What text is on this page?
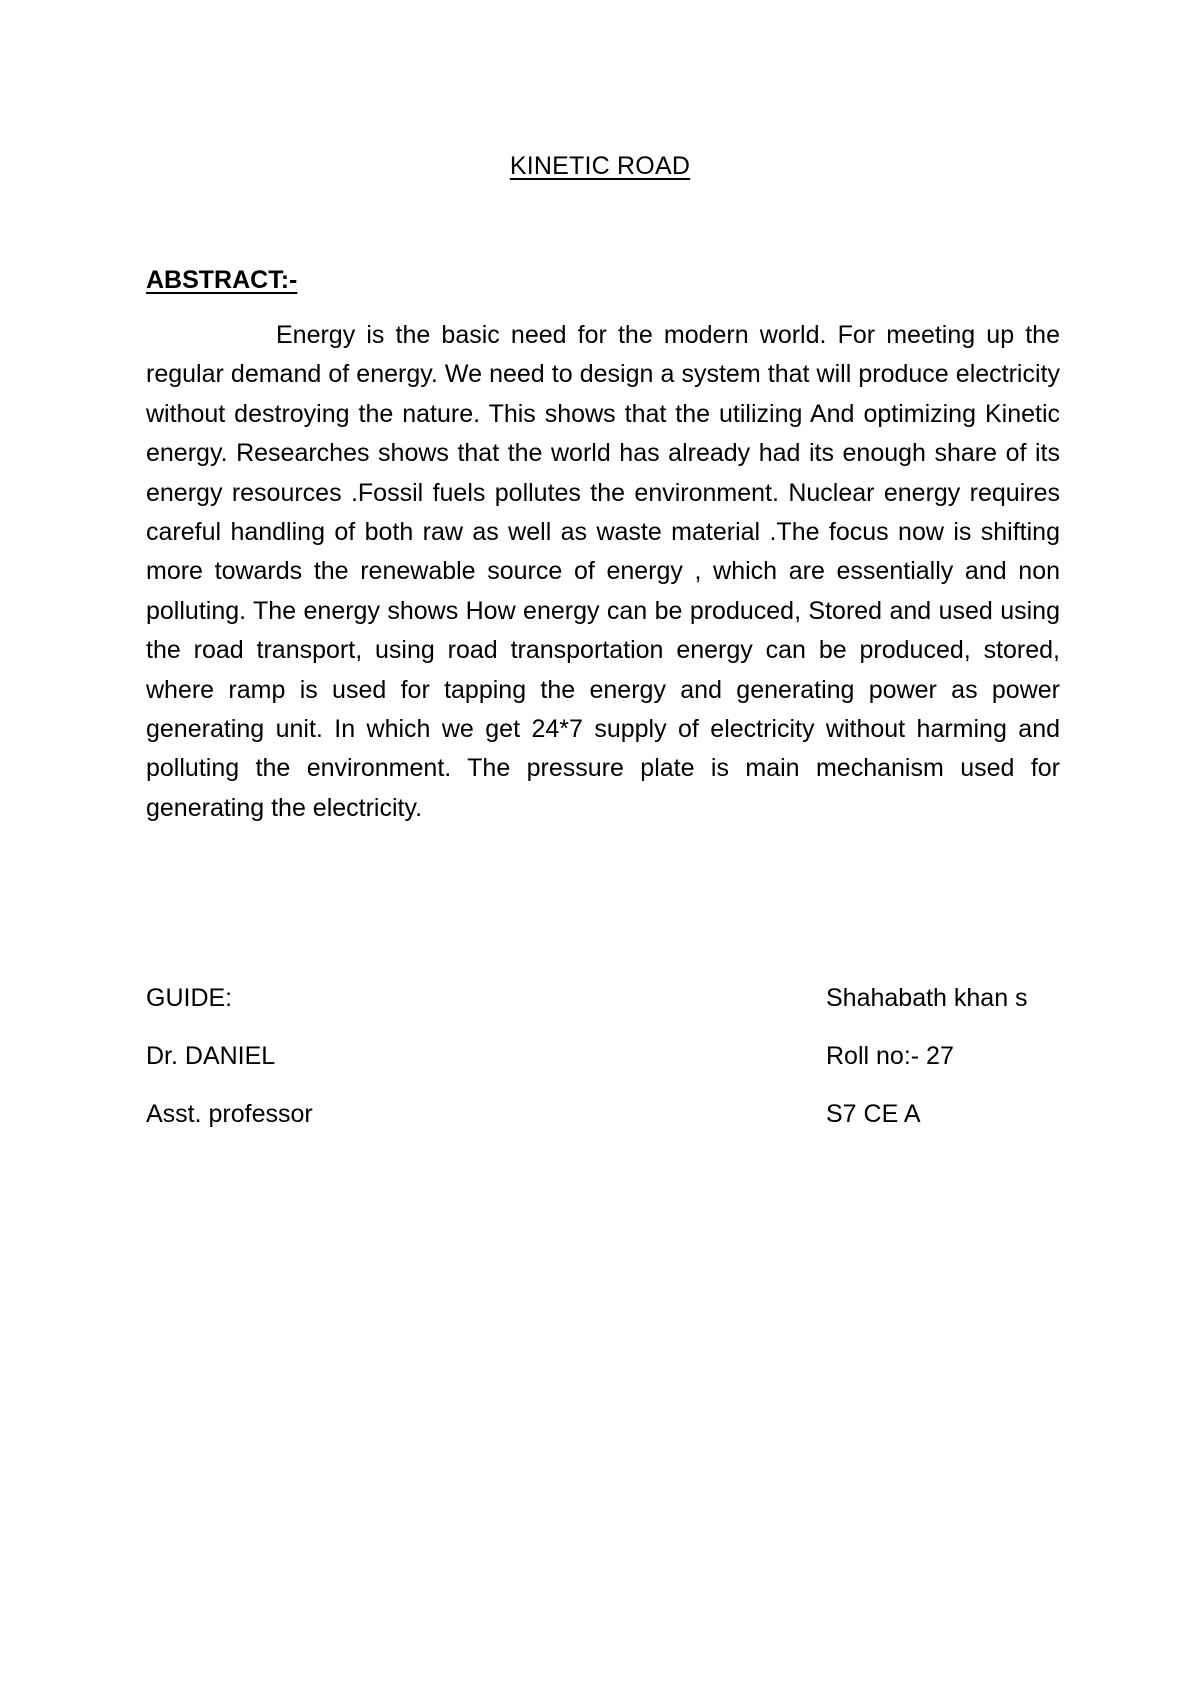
KINETIC ROAD
ABSTRACT:-

Energy is the basic need for the modern world. For meeting up the regular demand of energy. We need to design a system that will produce electricity without destroying the nature. This shows that the utilizing And optimizing Kinetic energy. Researches shows that the world has already had its enough share of its energy resources .Fossil fuels pollutes the environment. Nuclear energy requires careful handling of both raw as well as waste material .The focus now is shifting more towards the renewable source of energy , which are essentially and non polluting. The energy shows How energy can be produced, Stored and used using the road transport, using road transportation energy can be produced, stored, where ramp is used for tapping the energy and generating power as power generating unit. In which we get 24*7 supply of electricity without harming and polluting the environment. The pressure plate is main mechanism used for generating the electricity.

GUIDE:	Shahabath khan s
Dr. DANIEL	Roll no:- 27
Asst. professor	S7 CE A
